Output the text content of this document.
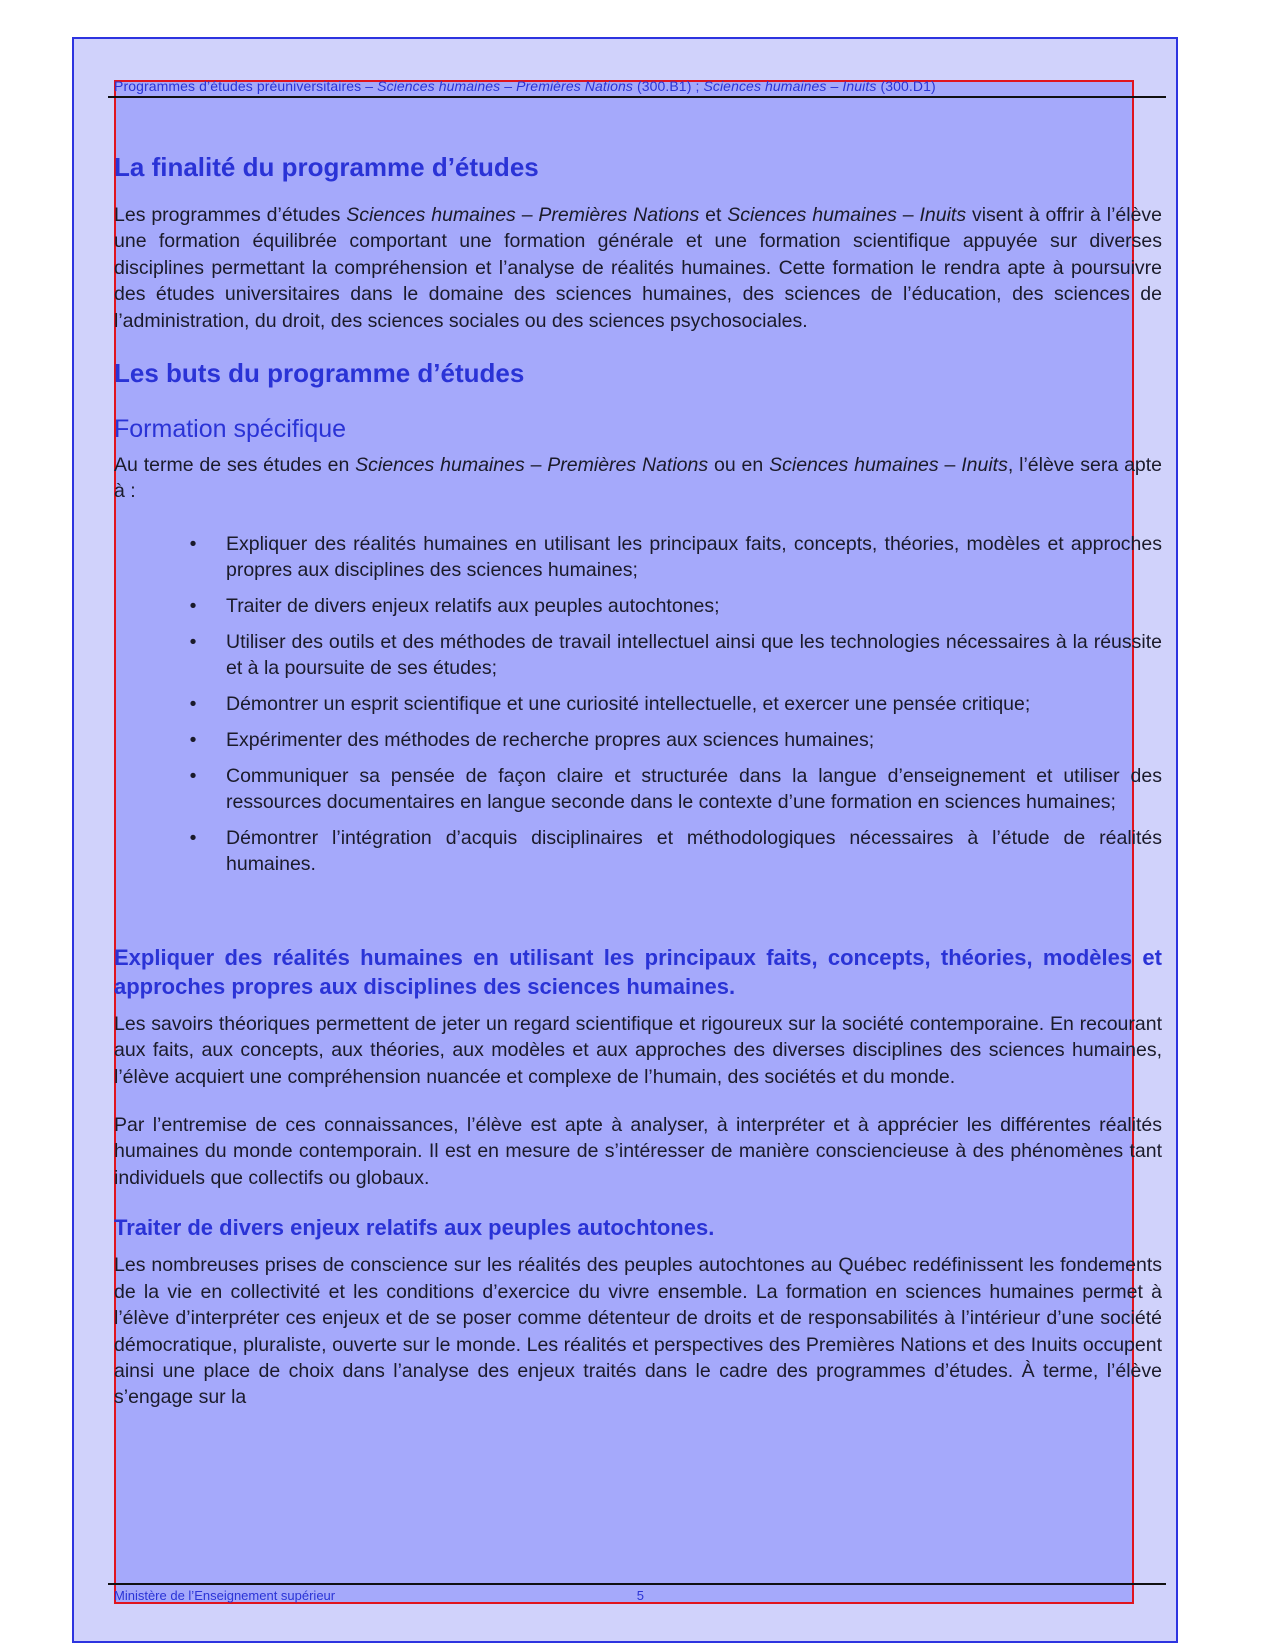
Programmes d’études préuniversitaires – Sciences humaines – Premières Nations (300.B1) ; Sciences humaines – Inuits (300.D1)
La finalité du programme d’études

Les programmes d’études Sciences humaines – Premières Nations et Sciences humaines – Inuits visent à offrir à l’élève une formation équilibrée comportant une formation générale et une formation scientifique appuyée sur diverses disciplines permettant la compréhension et l’analyse de réalités humaines. Cette formation le rendra apte à poursuivre des études universitaires dans le domaine des sciences humaines, des sciences de l’éducation, des sciences de l’administration, du droit, des sciences sociales ou des sciences psychosociales.

Les buts du programme d’études
Formation spécifique

Au terme de ses études en Sciences humaines – Premières Nations ou en Sciences humaines – Inuits, l’élève sera apte à :

• Expliquer des réalités humaines en utilisant les principaux faits, concepts, théories, modèles et approches propres aux disciplines des sciences humaines;
• Traiter de divers enjeux relatifs aux peuples autochtones;
• Utiliser des outils et des méthodes de travail intellectuel ainsi que les technologies nécessaires à la réussite et à la poursuite de ses études;
• Démontrer un esprit scientifique et une curiosité intellectuelle, et exercer une pensée critique;
• Expérimenter des méthodes de recherche propres aux sciences humaines;
• Communiquer sa pensée de façon claire et structurée dans la langue d’enseignement et utiliser des ressources documentaires en langue seconde dans le contexte d’une formation en sciences humaines;
• Démontrer l’intégration d’acquis disciplinaires et méthodologiques nécessaires à l’étude de réalités humaines.
Expliquer des réalités humaines en utilisant les principaux faits, concepts, théories, modèles et approches propres aux disciplines des sciences humaines.

Les savoirs théoriques permettent de jeter un regard scientifique et rigoureux sur la société contemporaine. En recourant aux faits, aux concepts, aux théories, aux modèles et aux approches des diverses disciplines des sciences humaines, l’élève acquiert une compréhension nuancée et complexe de l’humain, des sociétés et du monde.

Par l’entremise de ces connaissances, l’élève est apte à analyser, à interpréter et à apprécier les différentes réalités humaines du monde contemporain. Il est en mesure de s’intéresser de manière consciencieuse à des phénomènes tant individuels que collectifs ou globaux.

Traiter de divers enjeux relatifs aux peuples autochtones.

Les nombreuses prises de conscience sur les réalités des peuples autochtones au Québec redéfinissent les fondements de la vie en collectivité et les conditions d’exercice du vivre ensemble. La formation en sciences humaines permet à l’élève d’interpréter ces enjeux et de se poser comme détenteur de droits et de responsabilités à l’intérieur d’une société démocratique, pluraliste, ouverte sur le monde. Les réalités et perspectives des Premières Nations et des Inuits occupent ainsi une place de choix dans l’analyse des enjeux traités dans le cadre des programmes d’études. À terme, l’élève s’engage sur la

Ministère de l’Enseignement supérieur	5
